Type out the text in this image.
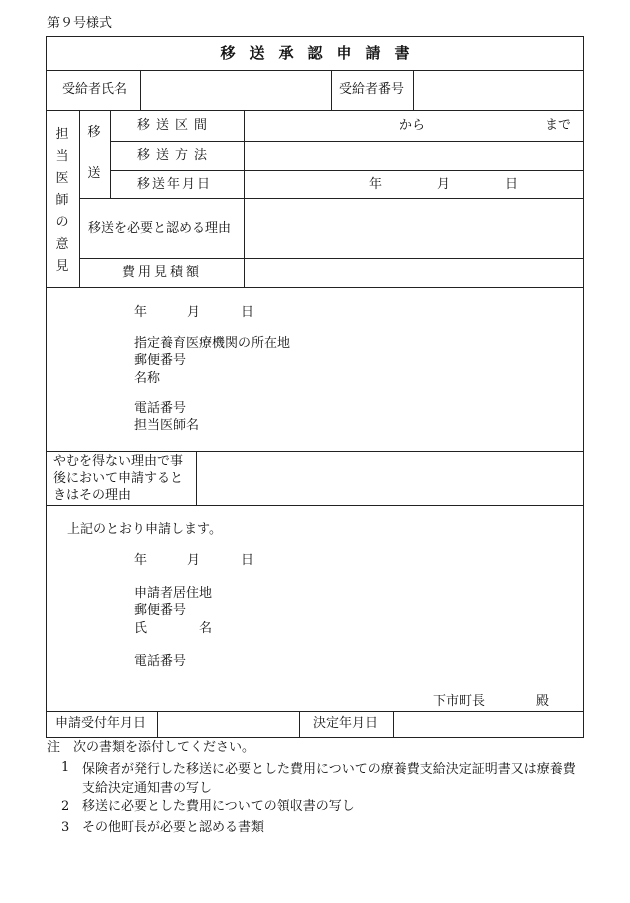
第９号様式
移送承認申請書
受給者氏名	受給者番号
担
当
医
師
の
意
見
移
送
移送区間	から	まで
移送方法
移送年月日	年	月	日
移送を必要と認める理由
費用見積額
年	月	日
指定養育医療機関の所在地
郵便番号
名称
電話番号
担当医師名
やむを得ない理由で事後において申請するときはその理由
上記のとおり申請します。
年	月	日
申請者居住地
郵便番号
氏	名
電話番号
下市町長	殿
申請受付年月日	決定年月日
注　次の書類を添付してください。
1 保険者が発行した移送に必要とした費用についての療養費支給決定証明書又は療養費支給決定通知書の写し
2 移送に必要とした費用についての領収書の写し
3 その他町長が必要と認める書類
